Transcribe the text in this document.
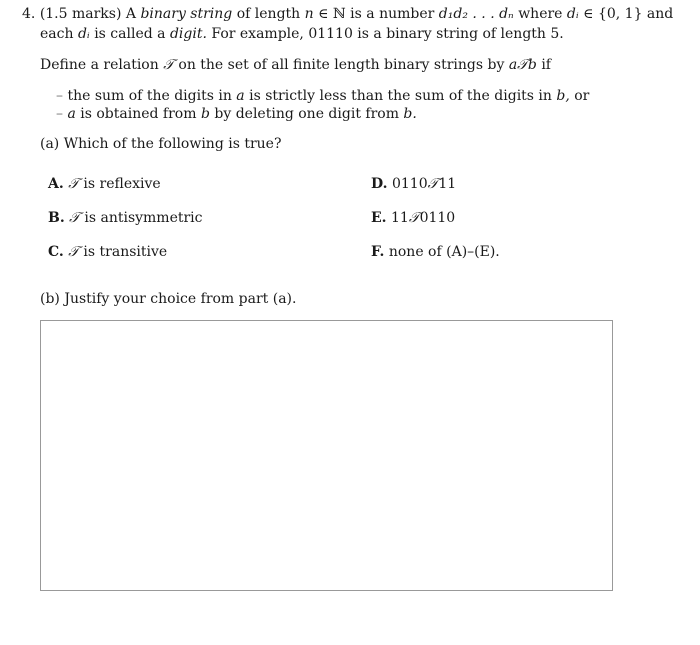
4. (1.5 marks) A binary string of length n ∈ ℕ is a number d₁d₂ . . . dₙ where dᵢ ∈ {0, 1} and
each dᵢ is called a digit. For example, 01110 is a binary string of length 5.
Define a relation 𝒯 on the set of all finite length binary strings by a𝒯b if
– the sum of the digits in a is strictly less than the sum of the digits in b, or
– a is obtained from b by deleting one digit from b.
(a) Which of the following is true?
A. 𝒯 is reflexive
B. 𝒯 is antisymmetric
C. 𝒯 is transitive
D. 0110𝒯11
E. 11𝒯0110
F. none of (A)–(E).
(b) Justify your choice from part (a).
